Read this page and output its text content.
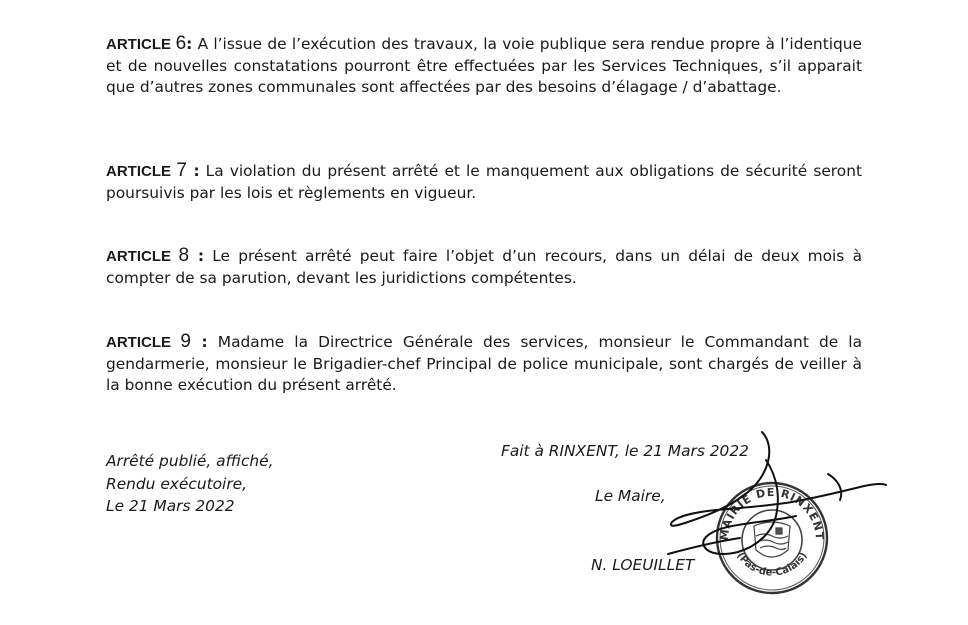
ARTICLE 6: A l’issue de l’exécution des travaux, la voie publique sera rendue propre à l’identique et de nouvelles constatations pourront être effectuées par les Services Techniques, s’il apparait que d’autres zones communales sont affectées par des besoins d’élagage / d’abattage.

ARTICLE 7 : La violation du présent arrêté et le manquement aux obligations de sécurité seront poursuivis par les lois et règlements en vigueur.

ARTICLE 8 : Le présent arrêté peut faire l’objet d’un recours, dans un délai de deux mois à compter de sa parution, devant les juridictions compétentes.

ARTICLE 9 : Madame la Directrice Générale des services, monsieur le Commandant de la gendarmerie, monsieur le Brigadier-chef Principal de police municipale, sont chargés de veiller à la bonne exécution du présent arrêté.

Arrêté publié, affiché,
Rendu exécutoire,
Le 21 Mars 2022
Fait à RINXENT, le 21 Mars 2022
Le Maire,
N. LOEUILLET
MAIRIE DE RINXENT
(Pas-de-Calais)
